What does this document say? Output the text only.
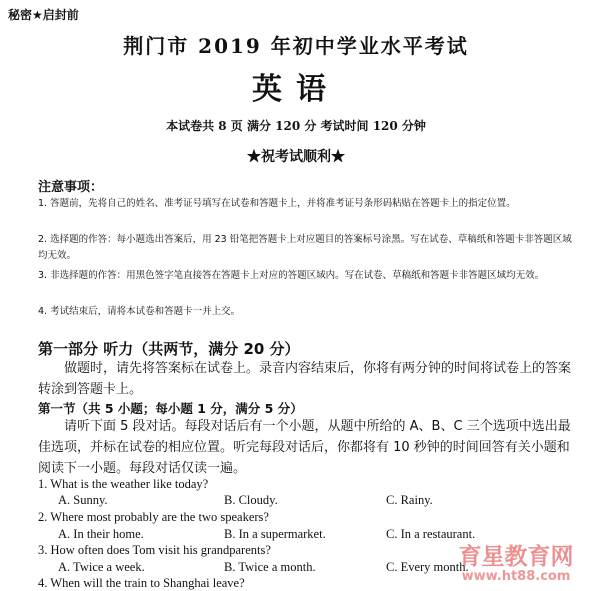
秘密★启封前
荆门市 2019 年初中学业水平考试
英语
本试卷共 8 页 满分 120 分 考试时间 120 分钟
★祝考试顺利★
注意事项：
1. 答题前，先将自己的姓名、准考证号填写在试卷和答题卡上，并将准考证号条形码粘贴在答题卡上的指定位置。
2. 选择题的作答：每小题选出答案后，用 23 铅笔把答题卡上对应题目的答案标号涂黑。写在试卷、草稿纸和答题卡非答题区域均无效。
3. 非选择题的作答：用黑色签字笔直接答在答题卡上对应的答题区域内。写在试卷、草稿纸和答题卡非答题区域均无效。
4. 考试结束后，请将本试卷和答题卡一并上交。
第一部分 听力（共两节，满分 20 分）
做题时，请先将答案标在试卷上。录音内容结束后，你将有两分钟的时间将试卷上的答案转涂到答题卡上。
第一节（共 5 小题；每小题 1 分，满分 5 分）
请听下面 5 段对话。每段对话后有一个小题，从题中所给的 A、B、C 三个选项中选出最佳选项，并标在试卷的相应位置。听完每段对话后，你都将有 10 秒钟的时间回答有关小题和阅读下一小题。每段对话仅读一遍。
1. What is the weather like today?
A. Sunny.	B. Cloudy.	C. Rainy.
2. Where most probably are the two speakers?
A. In their home.	B. In a supermarket.	C. In a restaurant.
3. How often does Tom visit his grandparents?
A. Twice a week.	B. Twice a month.	C. Every month.
4. When will the train to Shanghai leave?
育星教育网
www.ht88.com
